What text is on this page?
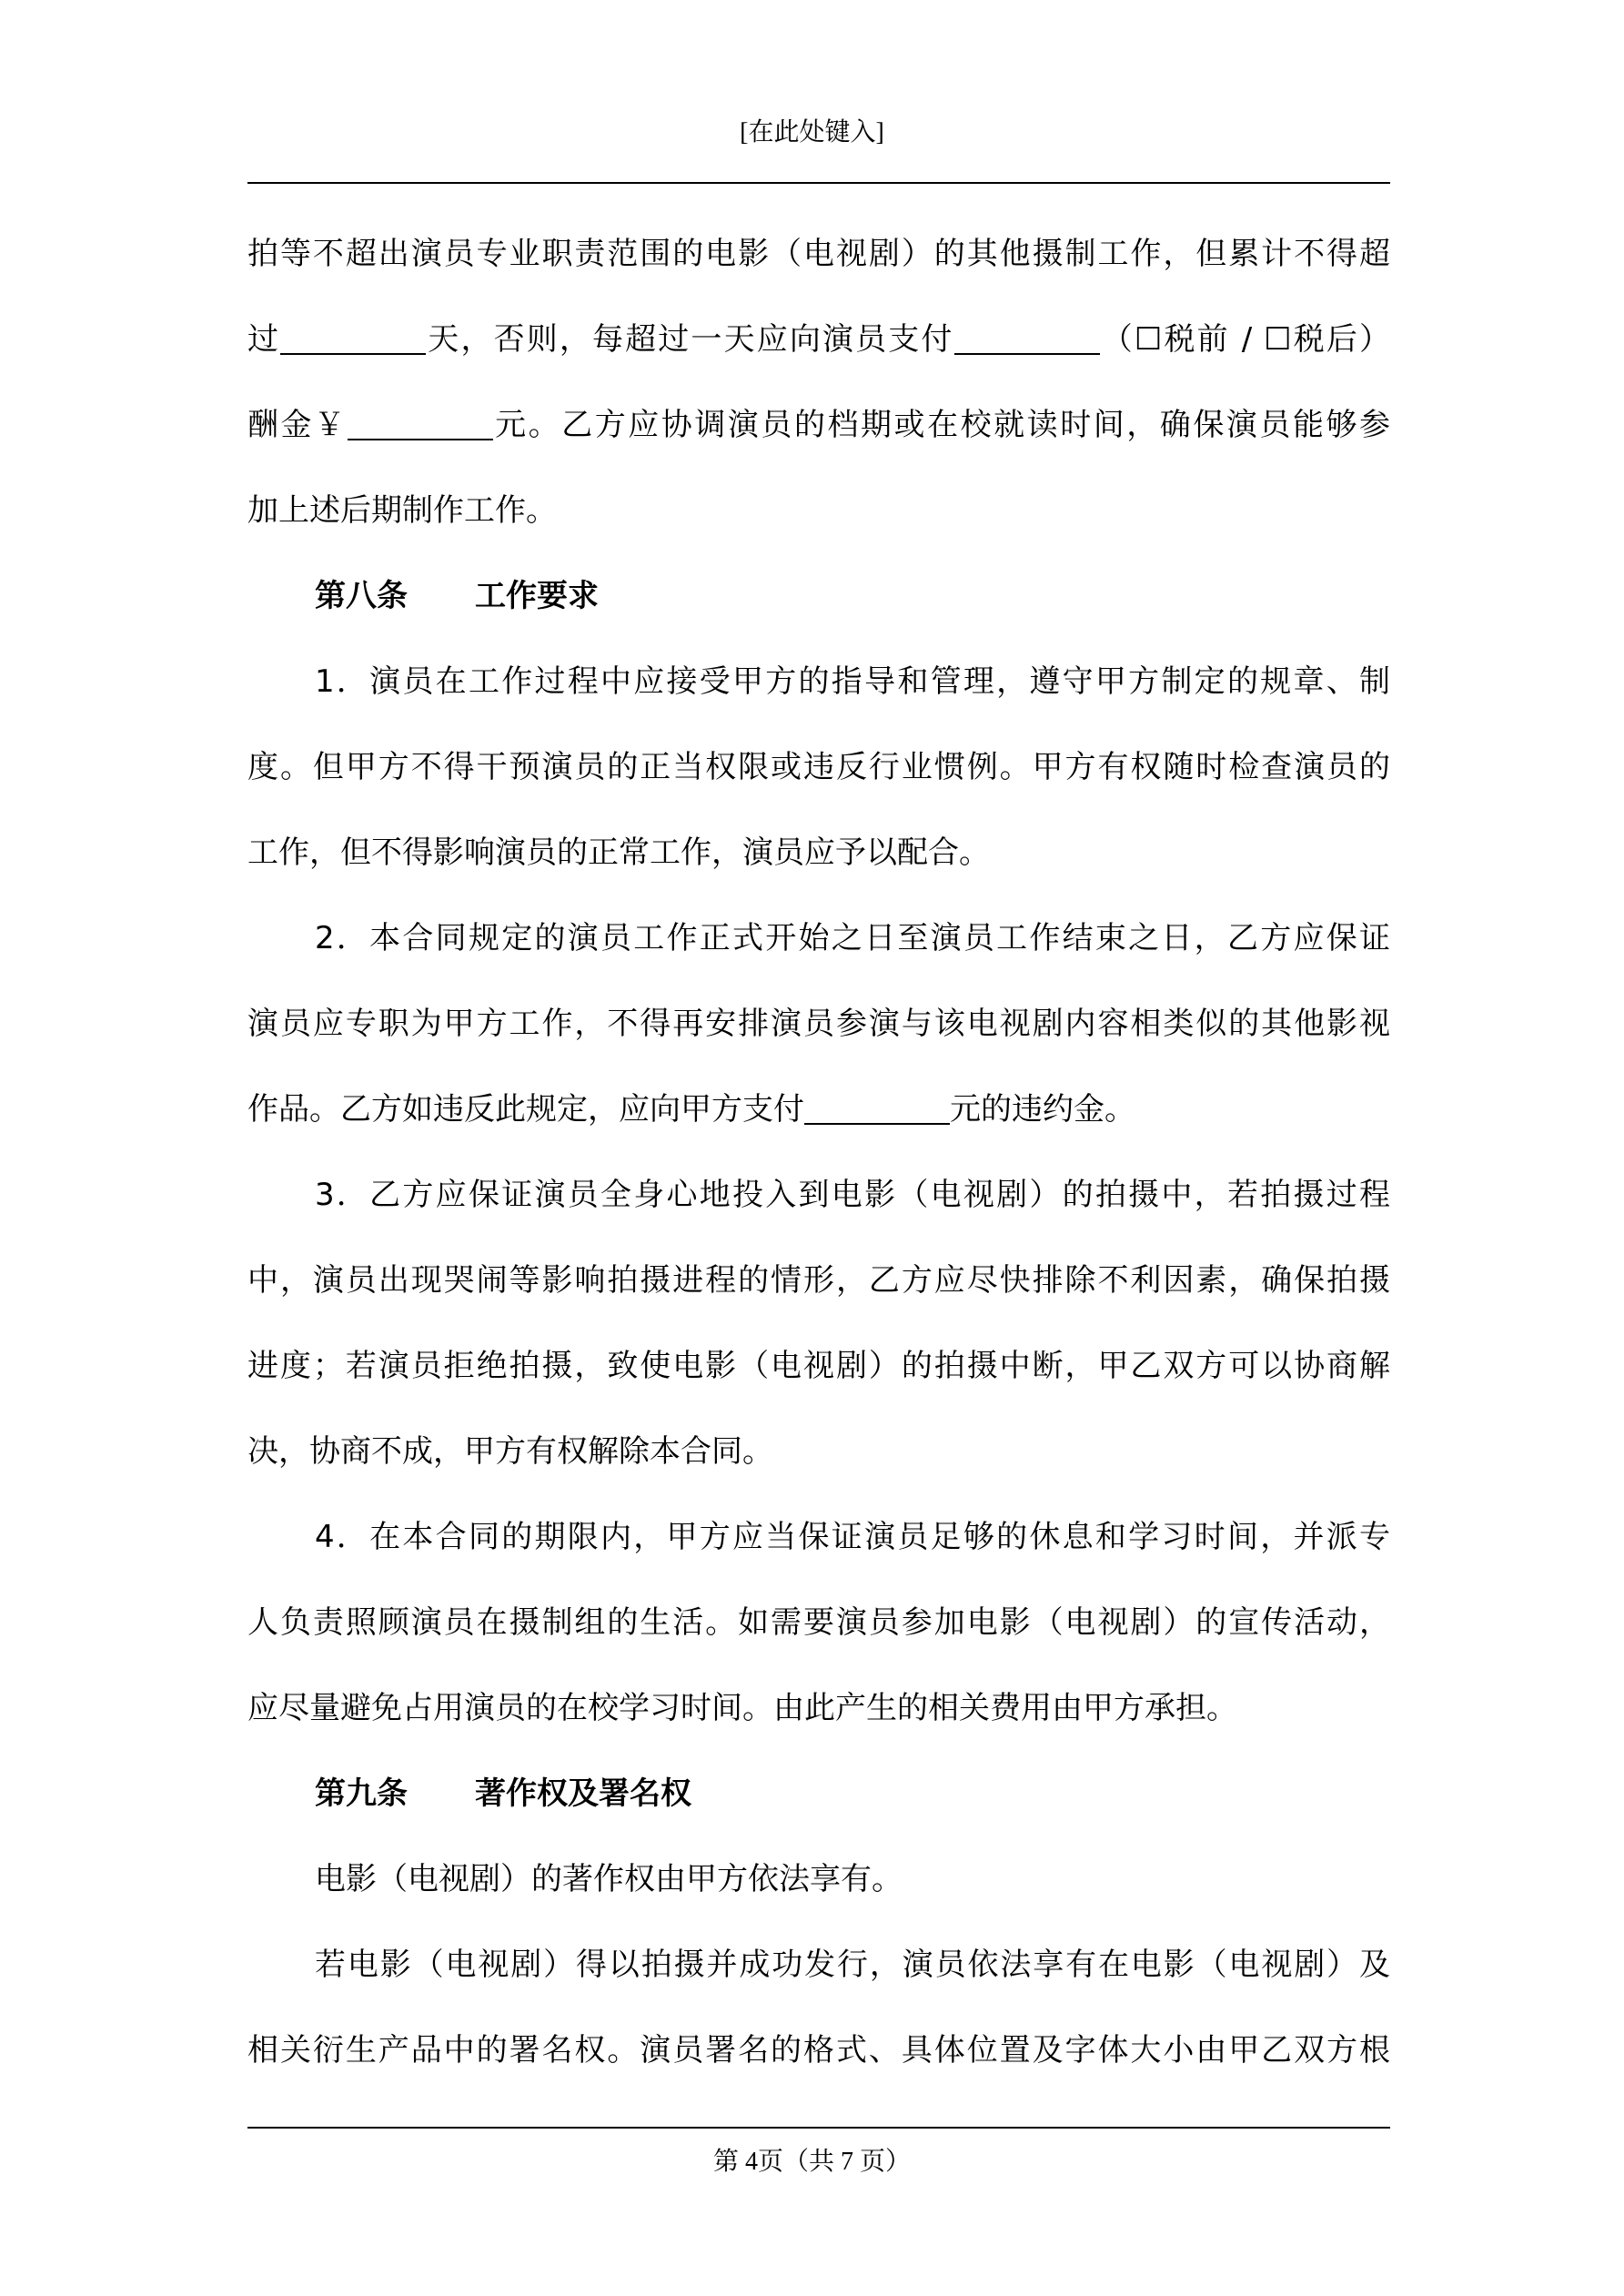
[在此处键入]
拍等不超出演员专业职责范围的电影（电视剧）的其他摄制工作，但累计不得超
过	天，否则，每超过一天应向演员支付	（☐税前 / ☐税后）
酬金￥	元。乙方应协调演员的档期或在校就读时间，确保演员能够参
加上述后期制作工作。
第八条 工作要求
1．演员在工作过程中应接受甲方的指导和管理，遵守甲方制定的规章、制
度。但甲方不得干预演员的正当权限或违反行业惯例。甲方有权随时检查演员的
工作，但不得影响演员的正常工作，演员应予以配合。
2．本合同规定的演员工作正式开始之日至演员工作结束之日，乙方应保证
演员应专职为甲方工作，不得再安排演员参演与该电视剧内容相类似的其他影视
作品。乙方如违反此规定，应向甲方支付	元的违约金。
3．乙方应保证演员全身心地投入到电影（电视剧）的拍摄中，若拍摄过程
中，演员出现哭闹等影响拍摄进程的情形，乙方应尽快排除不利因素，确保拍摄
进度；若演员拒绝拍摄，致使电影（电视剧）的拍摄中断，甲乙双方可以协商解
决，协商不成，甲方有权解除本合同。
4．在本合同的期限内，甲方应当保证演员足够的休息和学习时间，并派专
人负责照顾演员在摄制组的生活。如需要演员参加电影（电视剧）的宣传活动，
应尽量避免占用演员的在校学习时间。由此产生的相关费用由甲方承担。
第九条 著作权及署名权
电影（电视剧）的著作权由甲方依法享有。
若电影（电视剧）得以拍摄并成功发行，演员依法享有在电影（电视剧）及
相关衍生产品中的署名权。演员署名的格式、具体位置及字体大小由甲乙双方根
第 4页（共 7 页）
